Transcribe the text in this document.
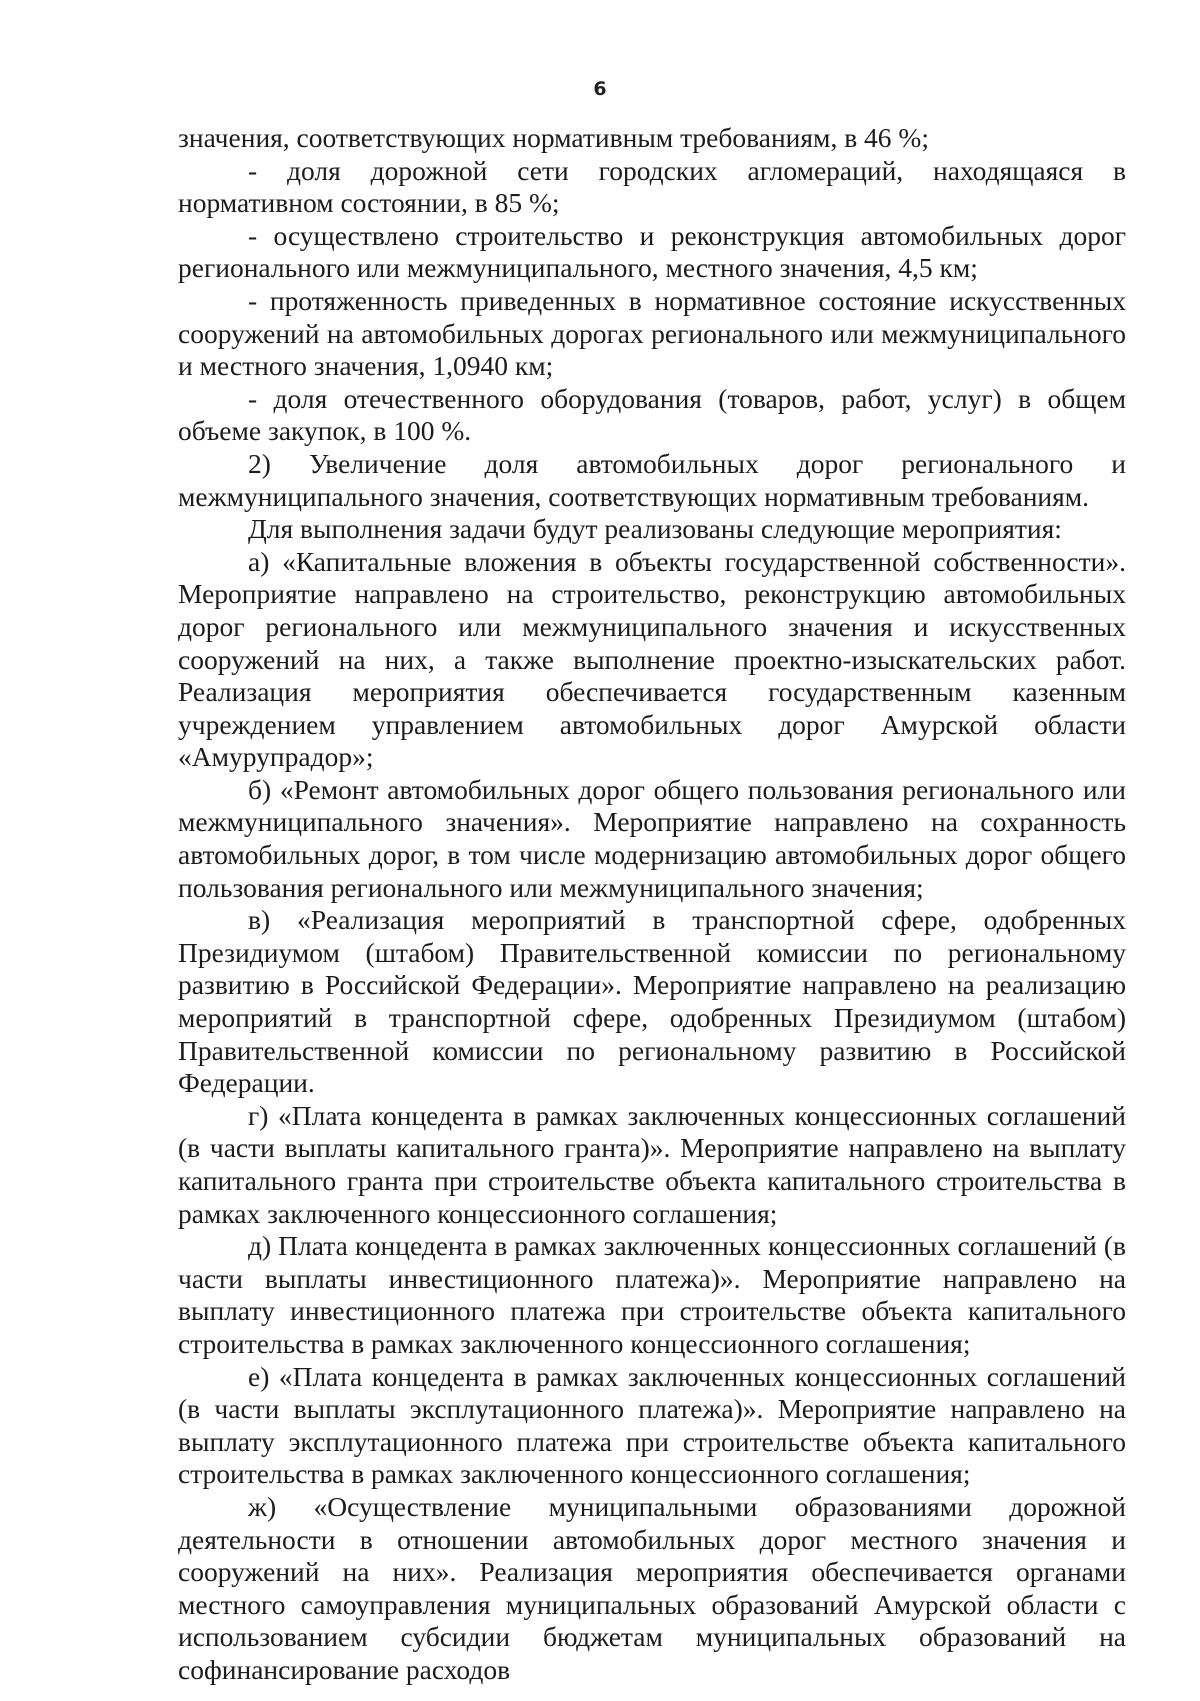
6

значения, соответствующих нормативным требованиям, в 46 %;

- доля дорожной сети городских агломераций, находящаяся в нормативном состоянии, в 85 %;

- осуществлено строительство и реконструкция автомобильных дорог регионального или межмуниципального, местного значения, 4,5 км;

- протяженность приведенных в нормативное состояние искусственных сооружений на автомобильных дорогах регионального или межмуниципального и местного значения, 1,0940 км;

- доля отечественного оборудования (товаров, работ, услуг) в общем объеме закупок, в 100 %.

2) Увеличение доля автомобильных дорог регионального и межмуниципального значения, соответствующих нормативным требованиям.

Для выполнения задачи будут реализованы следующие мероприятия:

а) «Капитальные вложения в объекты государственной собственности». Мероприятие направлено на строительство, реконструкцию автомобильных дорог регионального или межмуниципального значения и искусственных сооружений на них, а также выполнение проектно-изыскательских работ. Реализация мероприятия обеспечивается государственным казенным учреждением управлением автомобильных дорог Амурской области «Амурупрадор»;

б) «Ремонт автомобильных дорог общего пользования регионального или межмуниципального значения». Мероприятие направлено на сохранность автомобильных дорог, в том числе модернизацию автомобильных дорог общего пользования регионального или межмуниципального значения;

в) «Реализация мероприятий в транспортной сфере, одобренных Президиумом (штабом) Правительственной комиссии по региональному развитию в Российской Федерации». Мероприятие направлено на реализацию мероприятий в транспортной сфере, одобренных Президиумом (штабом) Правительственной комиссии по региональному развитию в Российской Федерации.

г) «Плата концедента в рамках заключенных концессионных соглашений (в части выплаты капитального гранта)». Мероприятие направлено на выплату капитального гранта при строительстве объекта капитального строительства в рамках заключенного концессионного соглашения;

д) Плата концедента в рамках заключенных концессионных соглашений (в части выплаты инвестиционного платежа)». Мероприятие направлено на выплату инвестиционного платежа при строительстве объекта капитального строительства в рамках заключенного концессионного соглашения;

е) «Плата концедента в рамках заключенных концессионных соглашений (в части выплаты эксплутационного платежа)». Мероприятие направлено на выплату эксплутационного платежа при строительстве объекта капитального строительства в рамках заключенного концессионного соглашения;

ж) «Осуществление муниципальными образованиями дорожной деятельности в отношении автомобильных дорог местного значения и сооружений на них». Реализация мероприятия обеспечивается органами местного самоуправления муниципальных образований Амурской области с использованием субсидии бюджетам муниципальных образований на софинансирование расходов
